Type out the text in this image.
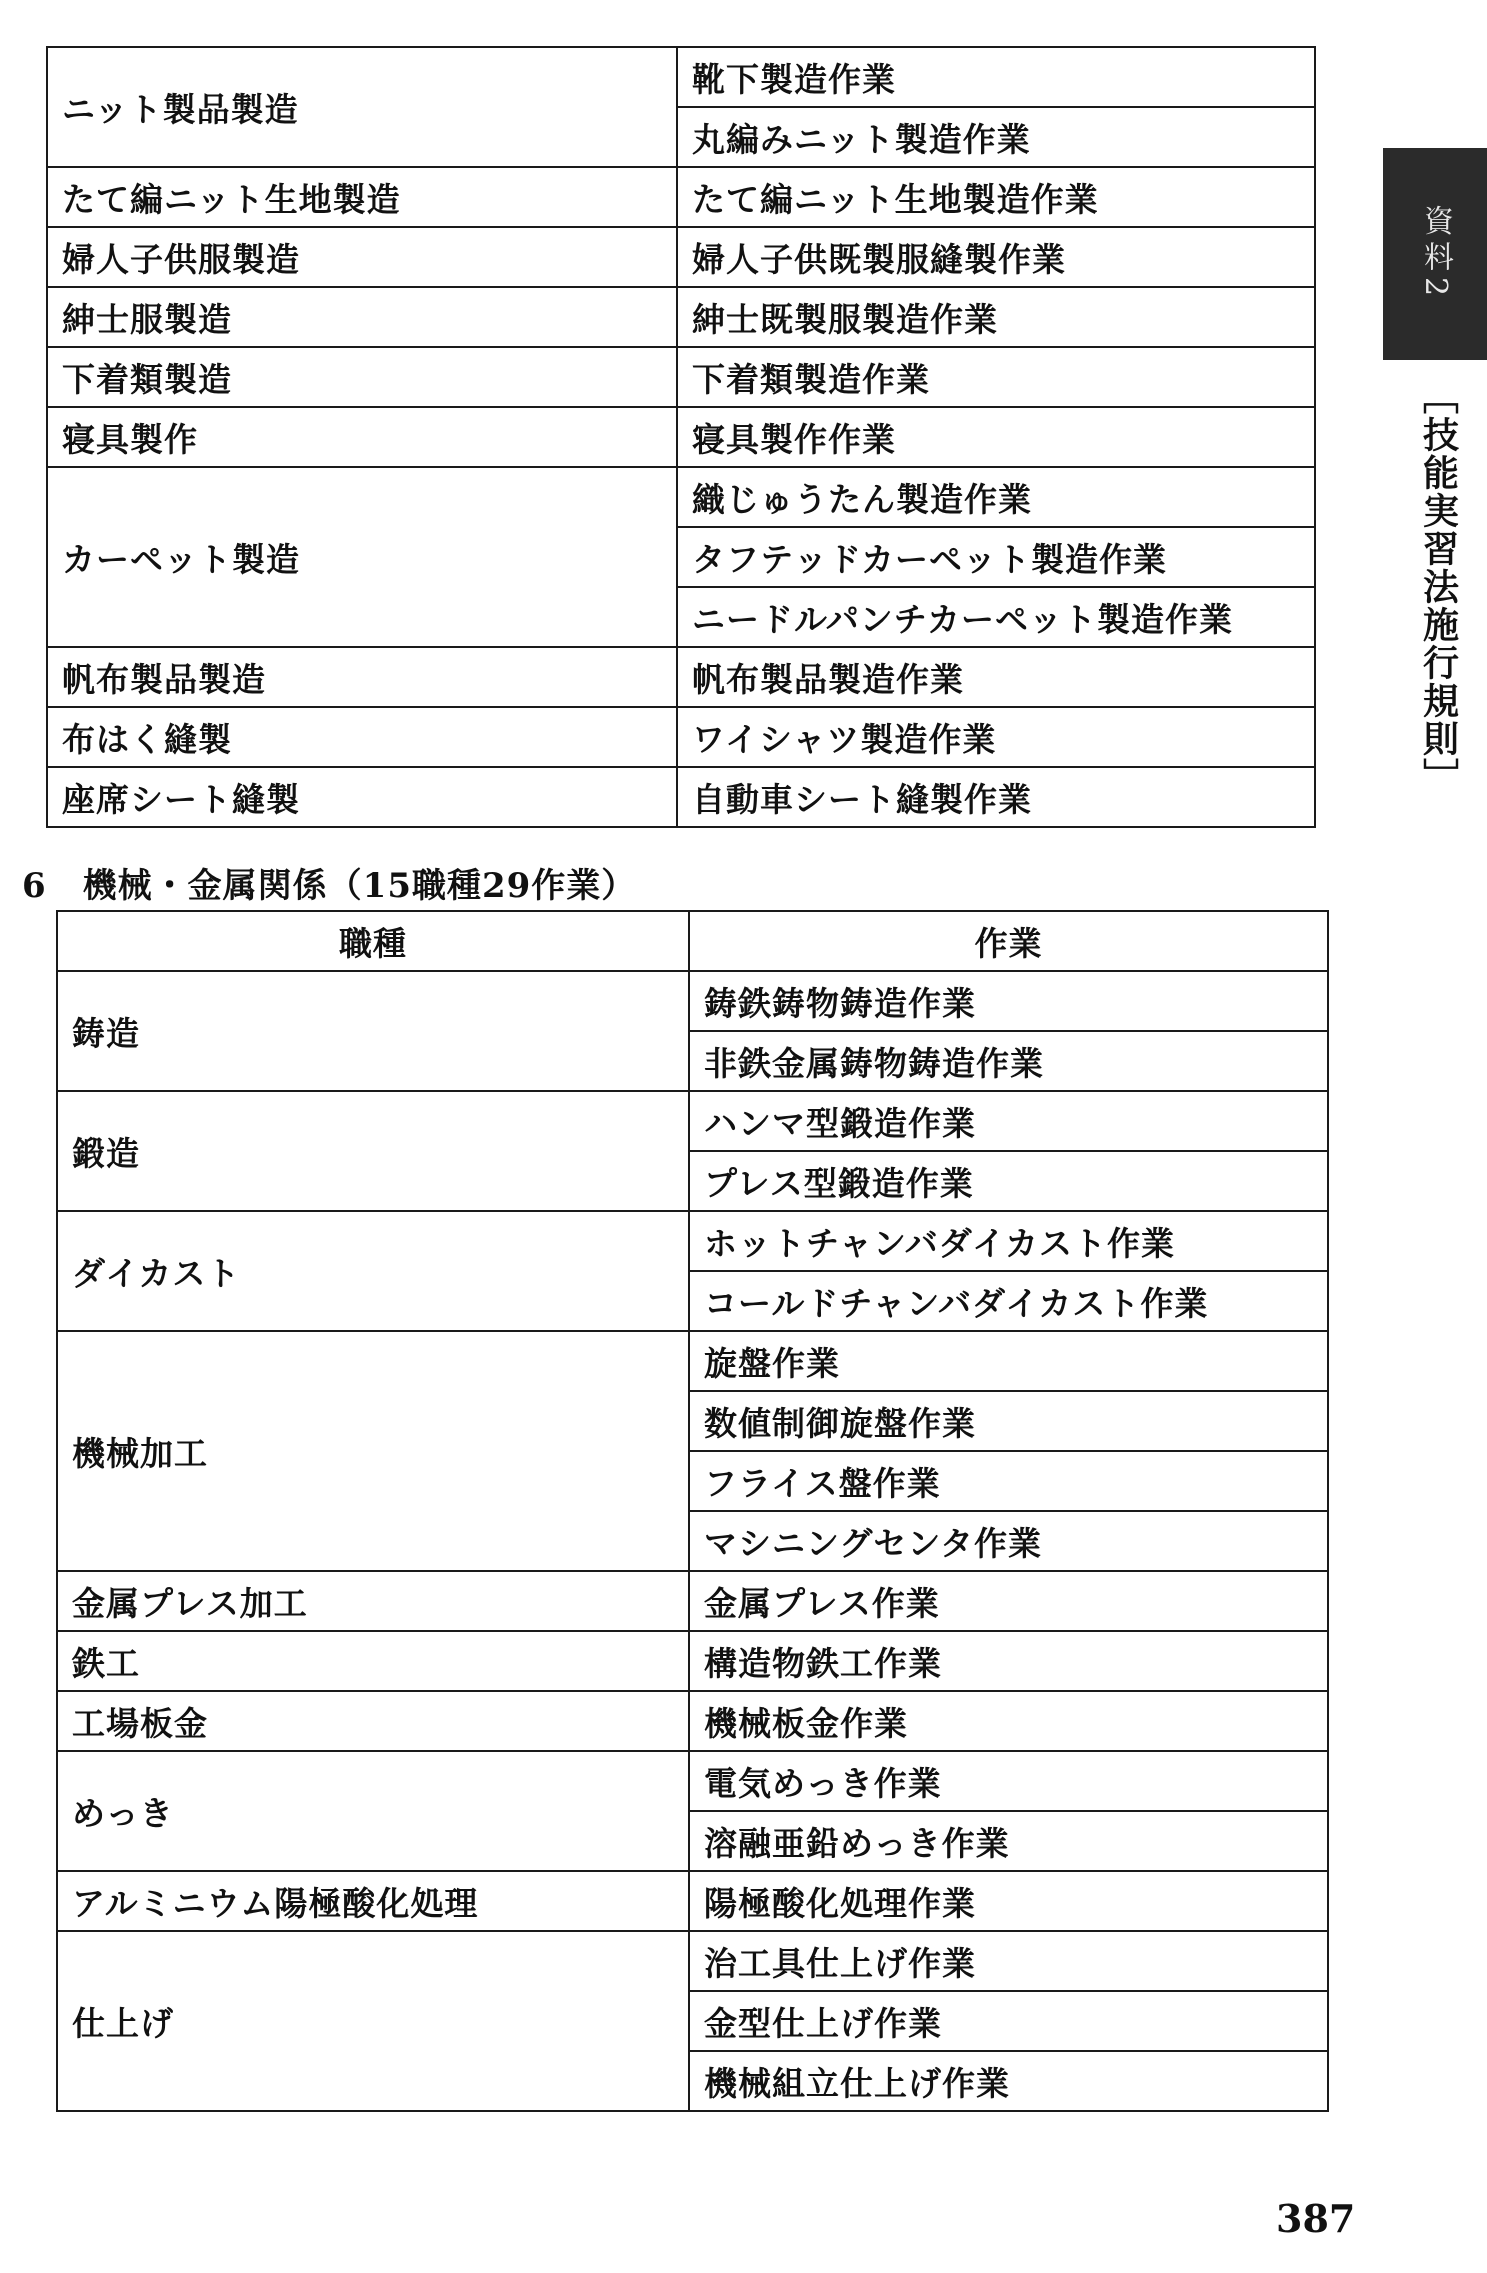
ニット製品製造	靴下製造作業
	丸編みニット製造作業
たて編ニット生地製造	たて編ニット生地製造作業
婦人子供服製造	婦人子供既製服縫製作業
紳士服製造	紳士既製服製造作業
下着類製造	下着類製造作業
寝具製作	寝具製作作業
カーペット製造	織じゅうたん製造作業
	タフテッドカーペット製造作業
	ニードルパンチカーペット製造作業
帆布製品製造	帆布製品製造作業
布はく縫製	ワイシャツ製造作業
座席シート縫製	自動車シート縫製作業
6 機械・金属関係（15職種29作業）
職種	作業
鋳造	鋳鉄鋳物鋳造作業
	非鉄金属鋳物鋳造作業
鍛造	ハンマ型鍛造作業
	プレス型鍛造作業
ダイカスト	ホットチャンバダイカスト作業
	コールドチャンバダイカスト作業
機械加工	旋盤作業
	数値制御旋盤作業
	フライス盤作業
	マシニングセンタ作業
金属プレス加工	金属プレス作業
鉄工	構造物鉄工作業
工場板金	機械板金作業
めっき	電気めっき作業
	溶融亜鉛めっき作業
アルミニウム陽極酸化処理	陽極酸化処理作業
仕上げ	治工具仕上げ作業
	金型仕上げ作業
	機械組立仕上げ作業
資料2
［技能実習法施行規則］
387
